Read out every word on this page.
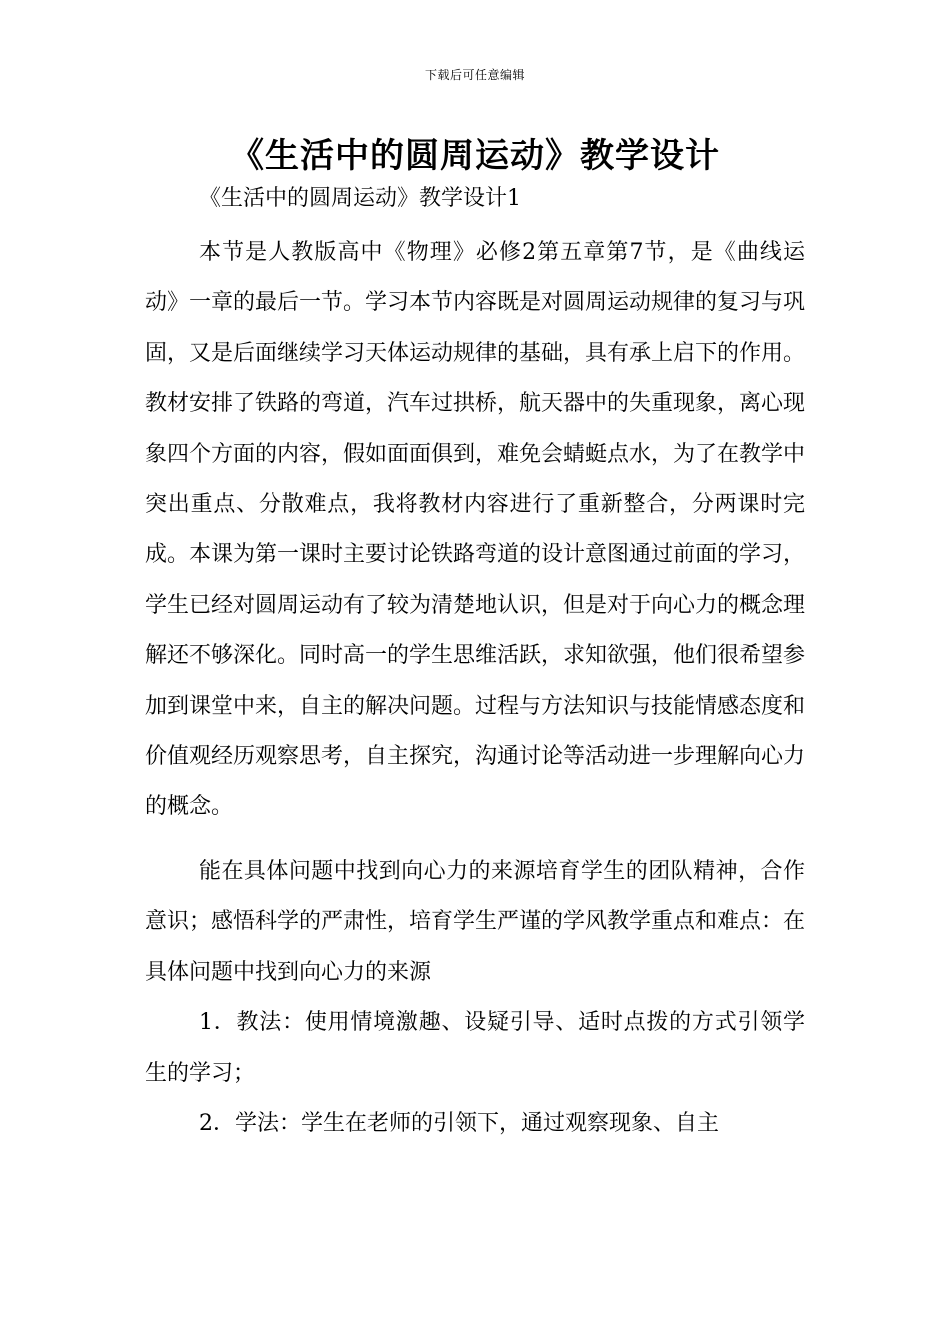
下载后可任意编辑
《生活中的圆周运动》教学设计

《生活中的圆周运动》教学设计1

本节是人教版高中《物理》必修2第五章第7节，是《曲线运动》一章的最后一节。学习本节内容既是对圆周运动规律的复习与巩固，又是后面继续学习天体运动规律的基础，具有承上启下的作用。教材安排了铁路的弯道，汽车过拱桥，航天器中的失重现象，离心现象四个方面的内容，假如面面俱到，难免会蜻蜓点水，为了在教学中突出重点、分散难点，我将教材内容进行了重新整合，分两课时完成。本课为第一课时主要讨论铁路弯道的设计意图通过前面的学习，学生已经对圆周运动有了较为清楚地认识，但是对于向心力的概念理解还不够深化。同时高一的学生思维活跃，求知欲强，他们很希望参加到课堂中来，自主的解决问题。过程与方法知识与技能情感态度和价值观经历观察思考，自主探究，沟通讨论等活动进一步理解向心力的概念。

能在具体问题中找到向心力的来源培育学生的团队精神，合作意识；感悟科学的严肃性，培育学生严谨的学风教学重点和难点：在具体问题中找到向心力的来源

1．教法：使用情境激趣、设疑引导、适时点拨的方式引领学生的学习；

2．学法：学生在老师的引领下，通过观察现象、自主
